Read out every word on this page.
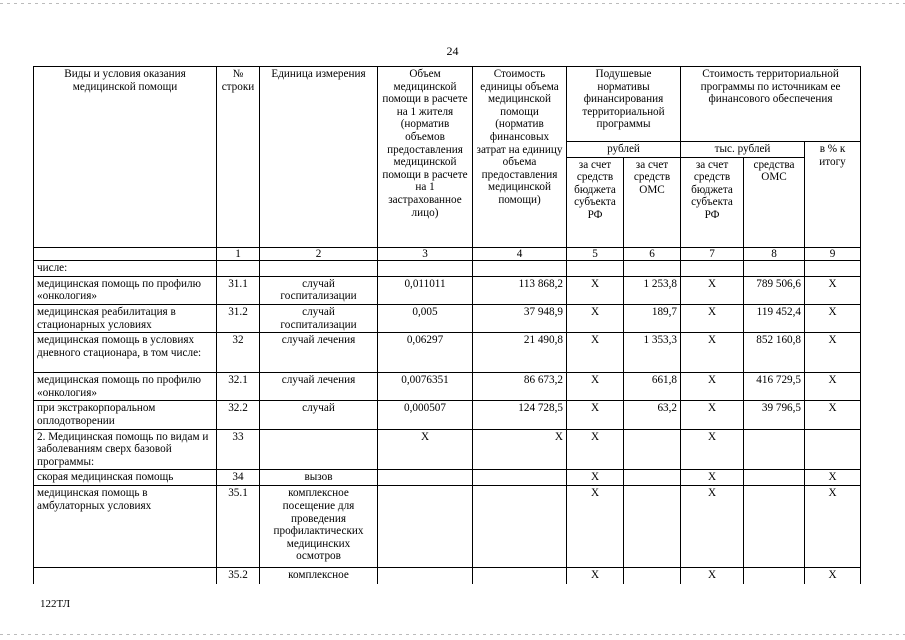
24
Виды и условия оказания медицинской помощи	№ строки	Единица измерения	Объем медицинской помощи в расчете на 1 жителя (норматив объемов предоставления медицинской помощи в расчете на 1 застрахованное лицо)	Стоимость единицы объема медицинской помощи (норматив финансовых затрат на единицу объема предоставления медицинской помощи)	Подушевые нормативы финансирования территориальной программы		Стоимость территориальной программы по источникам ее финансового обеспечения		
					рублей		тыс. рублей		в % к итогу
					за счет средств бюджета субъекта РФ	за счет средств ОМС	за счет средств бюджета субъекта РФ	средства ОМС	
	1	2	3	4	5	6	7	8	9
числе:									
медицинская помощь по профилю «онкология»	31.1	случай госпитализации	0,011011	113 868,2	X	1 253,8	X	789 506,6	X
медицинская реабилитация в стационарных условиях	31.2	случай госпитализации	0,005	37 948,9	X	189,7	X	119 452,4	X
медицинская помощь в условиях дневного стационара, в том числе:	32	случай лечения	0,06297	21 490,8	X	1 353,3	X	852 160,8	X
медицинская помощь по профилю «онкология»	32.1	случай лечения	0,0076351	86 673,2	X	661,8	X	416 729,5	X
при экстракорпоральном оплодотворении	32.2	случай	0,000507	124 728,5	X	63,2	X	39 796,5	X
2. Медицинская помощь по видам и заболеваниям сверх базовой программы:	33		X	X	X		X		
скорая медицинская помощь	34	вызов			X		X		X
медицинская помощь в амбулаторных условиях	35.1	комплексное посещение для проведения профилактических медицинских осмотров			X		X		X
	35.2	комплексное			X		X		X
122ТЛ
